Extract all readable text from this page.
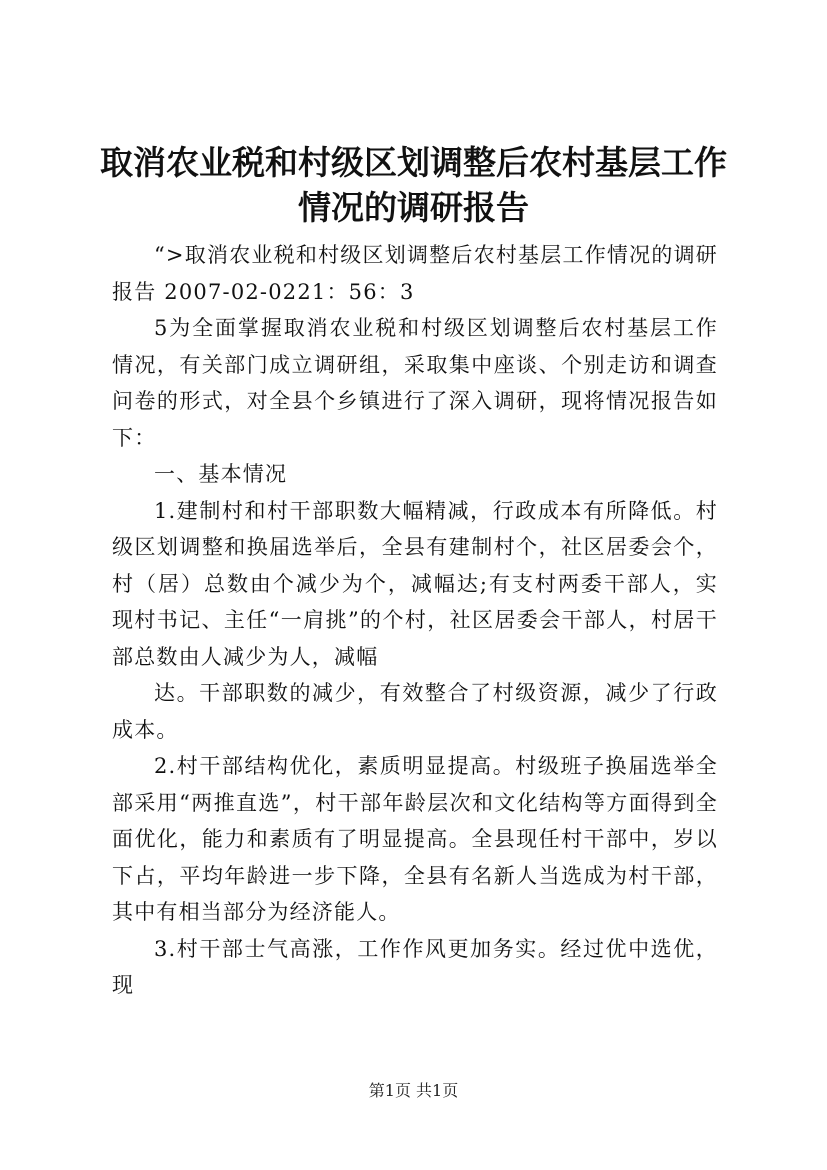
取消农业税和村级区划调整后农村基层工作情况的调研报告

“>取消农业税和村级区划调整后农村基层工作情况的调研报告 2007-02-0221：56：3

5为全面掌握取消农业税和村级区划调整后农村基层工作情况，有关部门成立调研组，采取集中座谈、个别走访和调查问卷的形式，对全县个乡镇进行了深入调研，现将情况报告如下：

一、基本情况

1.建制村和村干部职数大幅精减，行政成本有所降低。村级区划调整和换届选举后，全县有建制村个，社区居委会个，村（居）总数由个减少为个，减幅达;有支村两委干部人，实现村书记、主任“一肩挑”的个村，社区居委会干部人，村居干部总数由人减少为人，减幅

达。干部职数的减少，有效整合了村级资源，减少了行政成本。

2.村干部结构优化，素质明显提高。村级班子换届选举全部采用“两推直选”，村干部年龄层次和文化结构等方面得到全面优化，能力和素质有了明显提高。全县现任村干部中，岁以下占，平均年龄进一步下降，全县有名新人当选成为村干部，其中有相当部分为经济能人。

3.村干部士气高涨，工作作风更加务实。经过优中选优，现

第1页 共1页
